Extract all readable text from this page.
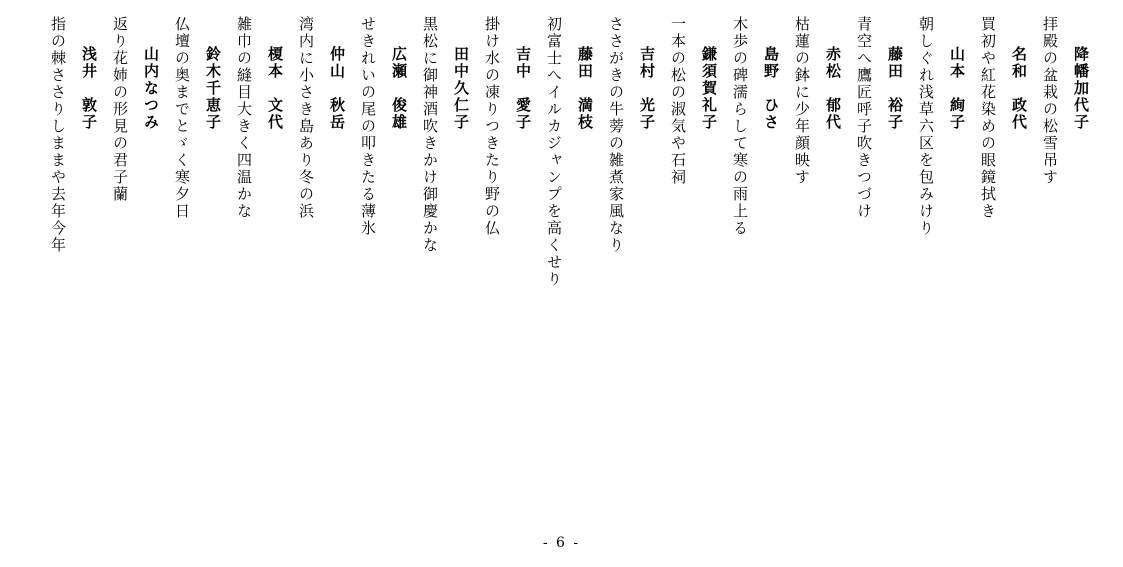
降幡加代子
拝殿の盆栽の松雪吊す
名和　政代
買初や紅花染めの眼鏡拭き
山本　絢子
朝しぐれ浅草六区を包みけり
藤田　裕子
青空へ鷹匠呼子吹きつづけ
赤松　郁代
枯蓮の鉢に少年顔映す
島野　ひさ
木歩の碑濡らして寒の雨上る
鎌須賀礼子
一本の松の淑気や石祠
吉村　光子
ささがきの牛蒡の雑煮家風なり
藤田　満枝
初富士へイルカジャンプを高くせり
吉中　愛子
掛け水の凍りつきたり野の仏
田中久仁子
黒松に御神酒吹きかけ御慶かな
広瀬　俊雄
せきれいの尾の叩きたる薄氷
仲山　秋岳
湾内に小さき島あり冬の浜
榎本　文代
雑巾の縫目大きく四温かな
鈴木千恵子
仏壇の奥までとゞく寒夕日
山内なつみ
返り花姉の形見の君子蘭
浅井　敦子
指の棘ささりしままや去年今年
- 6 -
